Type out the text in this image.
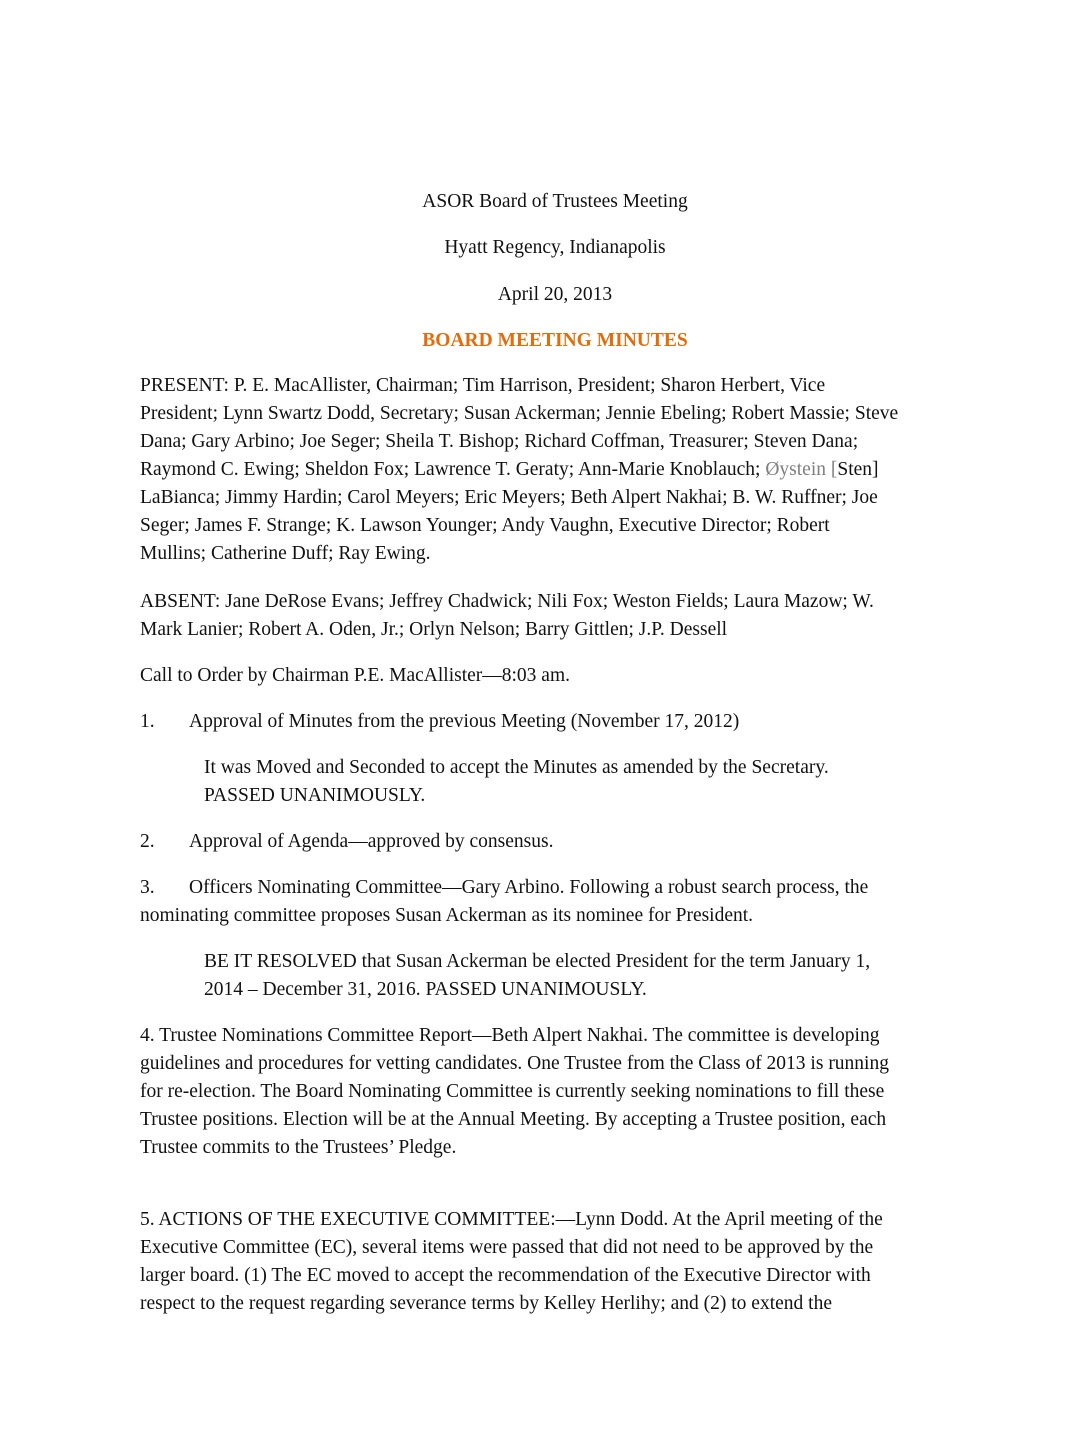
ASOR Board of Trustees Meeting
Hyatt Regency, Indianapolis
April 20, 2013
BOARD MEETING MINUTES
PRESENT: P. E. MacAllister, Chairman; Tim Harrison, President; Sharon Herbert, Vice
President; Lynn Swartz Dodd, Secretary; Susan Ackerman; Jennie Ebeling; Robert Massie; Steve
Dana; Gary Arbino; Joe Seger; Sheila T. Bishop; Richard Coffman, Treasurer; Steven Dana;
Raymond C. Ewing; Sheldon Fox; Lawrence T. Geraty; Ann-Marie Knoblauch; Øystein [Sten]
LaBianca; Jimmy Hardin; Carol Meyers; Eric Meyers; Beth Alpert Nakhai; B. W. Ruffner; Joe
Seger; James F. Strange; K. Lawson Younger; Andy Vaughn, Executive Director; Robert
Mullins; Catherine Duff; Ray Ewing.
ABSENT: Jane DeRose Evans; Jeffrey Chadwick; Nili Fox; Weston Fields; Laura Mazow; W.
Mark Lanier; Robert A. Oden, Jr.; Orlyn Nelson; Barry Gittlen; J.P. Dessell
Call to Order by Chairman P.E. MacAllister—8:03 am.
1. Approval of Minutes from the previous Meeting (November 17, 2012)
It was Moved and Seconded to accept the Minutes as amended by the Secretary.
PASSED UNANIMOUSLY.
2. Approval of Agenda—approved by consensus.
3. Officers Nominating Committee—Gary Arbino. Following a robust search process, the
nominating committee proposes Susan Ackerman as its nominee for President.
BE IT RESOLVED that Susan Ackerman be elected President for the term January 1,
2014 – December 31, 2016. PASSED UNANIMOUSLY.
4. Trustee Nominations Committee Report—Beth Alpert Nakhai. The committee is developing
guidelines and procedures for vetting candidates. One Trustee from the Class of 2013 is running
for re-election. The Board Nominating Committee is currently seeking nominations to fill these
Trustee positions. Election will be at the Annual Meeting. By accepting a Trustee position, each
Trustee commits to the Trustees’ Pledge.
5. ACTIONS OF THE EXECUTIVE COMMITTEE:—Lynn Dodd. At the April meeting of the
Executive Committee (EC), several items were passed that did not need to be approved by the
larger board. (1) The EC moved to accept the recommendation of the Executive Director with
respect to the request regarding severance terms by Kelley Herlihy; and (2) to extend the
